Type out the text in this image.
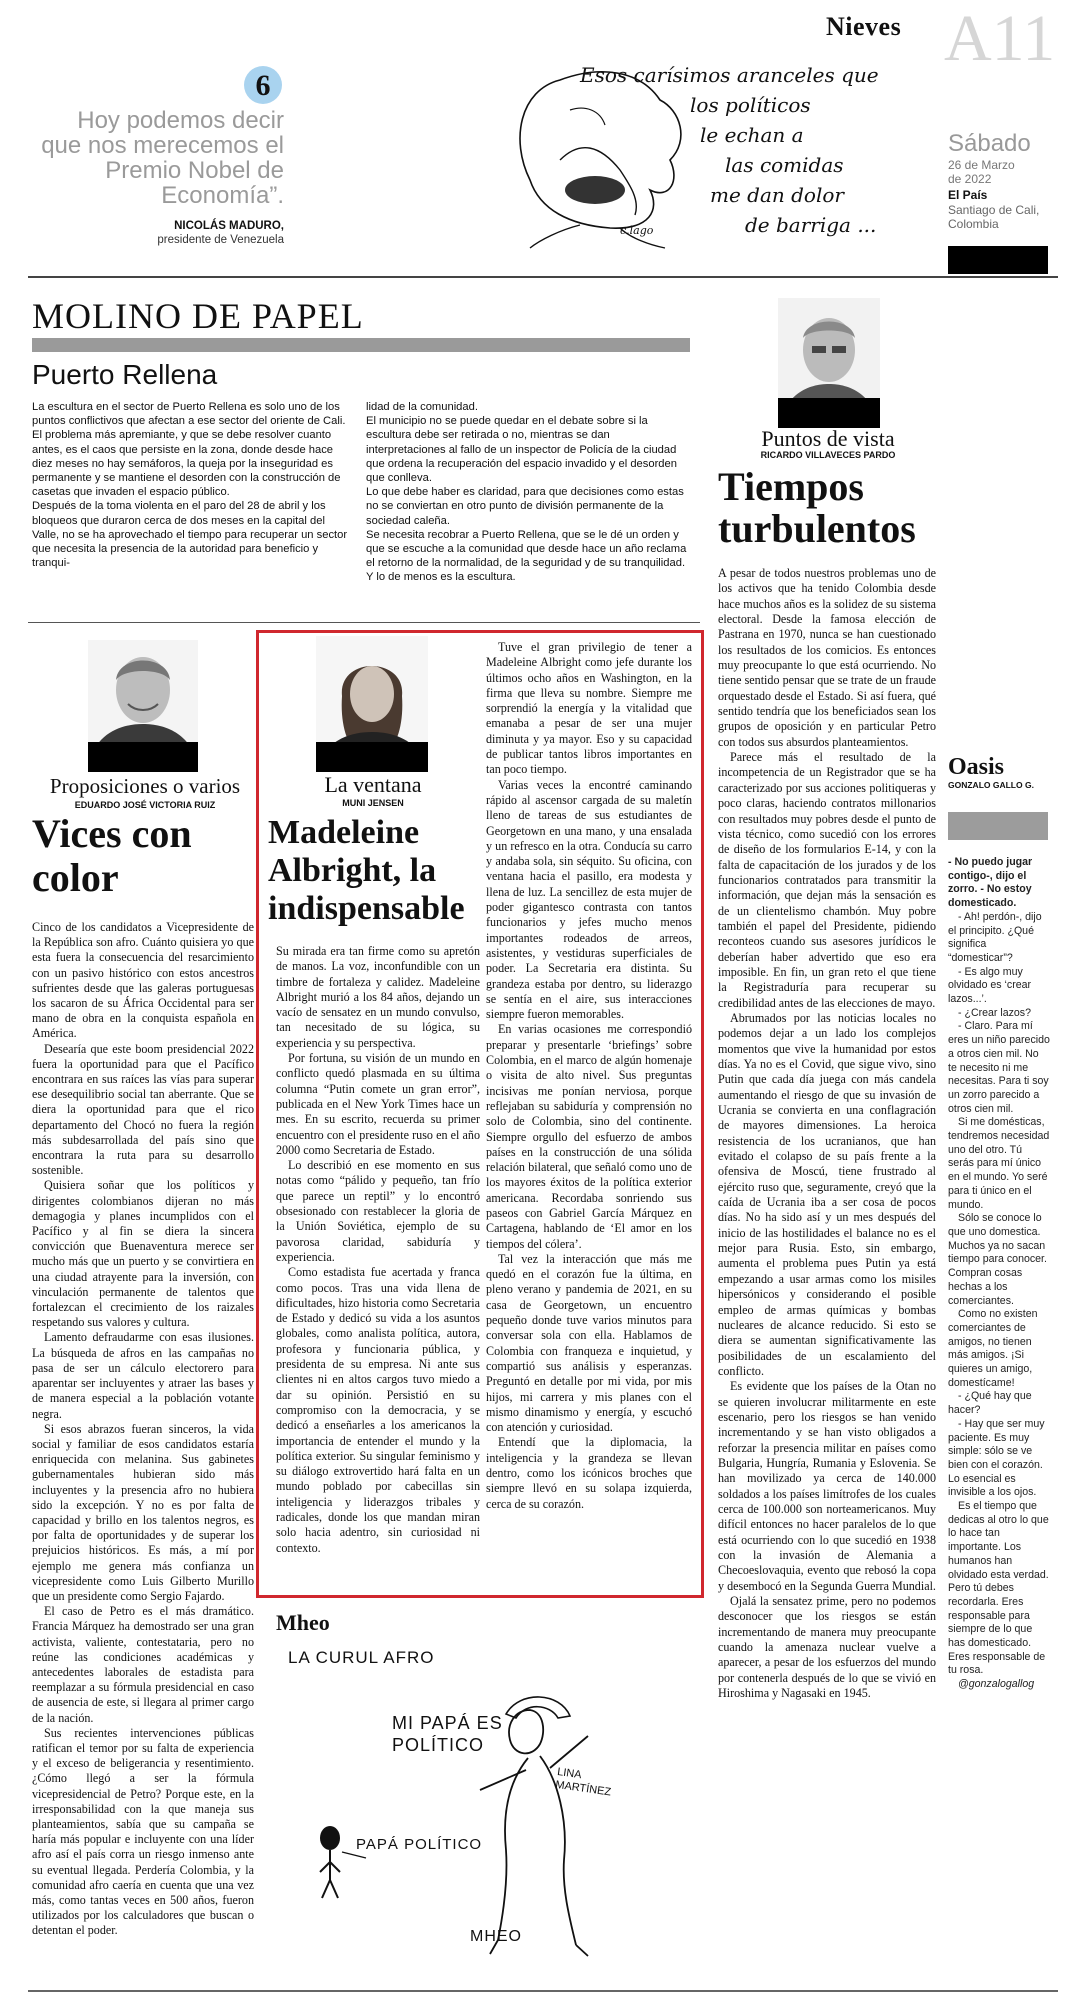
Nieves A11
Sábado
26 de Marzo
de 2022
El País
Santiago de Cali,
Colombia
6
Hoy podemos decir que nos merecemos el Premio Nobel de Economía”.
NICOLÁS MADURO,
presidente de Venezuela
Esos carísimos aranceles que
los políticos
le echan a
las comidas
me dan dolor
de barriga ...
c.lago
MOLINO DE PAPEL
Puerto Rellena

La escultura en el sector de Puerto Rellena es solo uno de los puntos conflictivos que afectan a ese sector del oriente de Cali.

El problema más apremiante, y que se debe resolver cuanto antes, es el caos que persiste en la zona, donde desde hace diez meses no hay semáforos, la queja por la inseguridad es permanente y se mantiene el desorden con la construcción de casetas que invaden el espacio público.

Después de la toma violenta en el paro del 28 de abril y los bloqueos que duraron cerca de dos meses en la capital del Valle, no se ha aprovechado el tiempo para recuperar un sector que necesita la presencia de la autoridad para beneficio y tranqui-

lidad de la comunidad.

El municipio no se puede quedar en el debate sobre si la escultura debe ser retirada o no, mientras se dan interpretaciones al fallo de un inspector de Policía de la ciudad que ordena la recuperación del espacio invadido y el desorden que conlleva.

Lo que debe haber es claridad, para que decisiones como estas no se conviertan en otro punto de división permanente de la sociedad caleña.

Se necesita recobrar a Puerto Rellena, que se le dé un orden y que se escuche a la comunidad que desde hace un año reclama el retorno de la normalidad, de la seguridad y de su tranquilidad.

Y lo de menos es la escultura.

Puntos de vista
RICARDO VILLAVECES PARDO
Tiempos turbulentos

A pesar de todos nuestros problemas uno de los activos que ha tenido Colombia desde hace muchos años es la solidez de su sistema electoral. Desde la famosa elección de Pastrana en 1970, nunca se han cuestionado los resultados de los comicios. Es entonces muy preocupante lo que está ocurriendo. No tiene sentido pensar que se trate de un fraude orquestado desde el Estado. Si así fuera, qué sentido tendría que los beneficiados sean los grupos de oposición y en particular Petro con todos sus absurdos planteamientos.

Parece más el resultado de la incompetencia de un Registrador que se ha caracterizado por sus acciones politiqueras y poco claras, haciendo contratos millonarios con resultados muy pobres desde el punto de vista técnico, como sucedió con los errores de diseño de los formularios E-14, y con la falta de capacitación de los jurados y de los funcionarios contratados para transmitir la información, que dejan más la sensación es de un clientelismo chambón. Muy pobre también el papel del Presidente, pidiendo reconteos cuando sus asesores jurídicos le deberían haber advertido que eso era imposible. En fin, un gran reto el que tiene la Registraduría para recuperar su credibilidad antes de las elecciones de mayo.

Abrumados por las noticias locales no podemos dejar a un lado los complejos momentos que vive la humanidad por estos días. Ya no es el Covid, que sigue vivo, sino Putin que cada día juega con más candela aumentando el riesgo de que su invasión de Ucrania se convierta en una conflagración de mayores dimensiones. La heroica resistencia de los ucranianos, que han evitado el colapso de su país frente a la ofensiva de Moscú, tiene frustrado al ejército ruso que, seguramente, creyó que la caída de Ucrania iba a ser cosa de pocos días. No ha sido así y un mes después del inicio de las hostilidades el balance no es el mejor para Rusia. Esto, sin embargo, aumenta el problema pues Putin ya está empezando a usar armas como los misiles hipersónicos y considerando el posible empleo de armas químicas y bombas nucleares de alcance reducido. Si esto se diera se aumentan significativamente las posibilidades de un escalamiento del conflicto.

Es evidente que los países de la Otan no se quieren involucrar militarmente en este escenario, pero los riesgos se han venido incrementando y se han visto obligados a reforzar la presencia militar en países como Bulgaria, Hungría, Rumania y Eslovenia. Se han movilizado ya cerca de 140.000 soldados a los países limítrofes de los cuales cerca de 100.000 son norteamericanos. Muy difícil entonces no hacer paralelos de lo que está ocurriendo con lo que sucedió en 1938 con la invasión de Alemania a Checoeslovaquia, evento que rebosó la copa y desembocó en la Segunda Guerra Mundial.

Ojalá la sensatez prime, pero no podemos desconocer que los riesgos se están incrementando de manera muy preocupante cuando la amenaza nuclear vuelve a aparecer, a pesar de los esfuerzos del mundo por contenerla después de lo que se vivió en Hiroshima y Nagasaki en 1945.

Proposiciones o varios
EDUARDO JOSÉ VICTORIA RUIZ
Vices con color

Cinco de los candidatos a Vicepresidente de la República son afro. Cuánto quisiera yo que esta fuera la consecuencia del resarcimiento con un pasivo histórico con estos ancestros sufrientes desde que las galeras portuguesas los sacaron de su África Occidental para ser mano de obra en la conquista española en América.

Desearía que este boom presidencial 2022 fuera la oportunidad para que el Pacífico encontrara en sus raíces las vías para superar ese desequilibrio social tan aberrante. Que se diera la oportunidad para que el rico departamento del Chocó no fuera la región más subdesarrollada del país sino que encontrara la ruta para su desarrollo sostenible.

Quisiera soñar que los políticos y dirigentes colombianos dijeran no más demagogia y planes incumplidos con el Pacífico y al fin se diera la sincera convicción que Buenaventura merece ser mucho más que un puerto y se convirtiera en una ciudad atrayente para la inversión, con vinculación permanente de talentos que fortalezcan el crecimiento de los raizales respetando sus valores y cultura.

Lamento defraudarme con esas ilusiones. La búsqueda de afros en las campañas no pasa de ser un cálculo electorero para aparentar ser incluyentes y atraer las bases y de manera especial a la población votante negra.

Si esos abrazos fueran sinceros, la vida social y familiar de esos candidatos estaría enriquecida con melanina. Sus gabinetes gubernamentales hubieran sido más incluyentes y la presencia afro no hubiera sido la excepción. Y no es por falta de capacidad y brillo en los talentos negros, es por falta de oportunidades y de superar los prejuicios históricos. Es más, a mí por ejemplo me genera más confianza un vicepresidente como Luis Gilberto Murillo que un presidente como Sergio Fajardo.

El caso de Petro es el más dramático. Francia Márquez ha demostrado ser una gran activista, valiente, contestataria, pero no reúne las condiciones académicas y antecedentes laborales de estadista para reemplazar a su fórmula presidencial en caso de ausencia de este, si llegara al primer cargo de la nación.

Sus recientes intervenciones públicas ratifican el temor por su falta de experiencia y el exceso de beligerancia y resentimiento. ¿Cómo llegó a ser la fórmula vicepresidencial de Petro? Porque este, en la irresponsabilidad con la que maneja sus planteamientos, sabía que su campaña se haría más popular e incluyente con una líder afro así el país corra un riesgo inmenso ante su eventual llegada. Perdería Colombia, y la comunidad afro caería en cuenta que una vez más, como tantas veces en 500 años, fueron utilizados por los calculadores que buscan o detentan el poder.

La ventana
MUNI JENSEN
Madeleine Albright, la indispensable

Su mirada era tan firme como su apretón de manos. La voz, inconfundible con un timbre de fortaleza y calidez. Madeleine Albright murió a los 84 años, dejando un vacío de sensatez en un mundo convulso, tan necesitado de su lógica, su experiencia y su perspectiva.

Por fortuna, su visión de un mundo en conflicto quedó plasmada en su última columna “Putin comete un gran error”, publicada en el New York Times hace un mes. En su escrito, recuerda su primer encuentro con el presidente ruso en el año 2000 como Secretaria de Estado.

Lo describió en ese momento en sus notas como “pálido y pequeño, tan frío que parece un reptil” y lo encontró obsesionado con restablecer la gloria de la Unión Soviética, ejemplo de su pavorosa claridad, sabiduría y experiencia.

Como estadista fue acertada y franca como pocos. Tras una vida llena de dificultades, hizo historia como Secretaria de Estado y dedicó su vida a los asuntos globales, como analista política, autora, profesora y funcionaria pública, y presidenta de su empresa. Ni ante sus clientes ni en altos cargos tuvo miedo a dar su opinión. Persistió en su compromiso con la democracia, y se dedicó a enseñarles a los americanos la importancia de entender el mundo y la política exterior. Su singular feminismo y su diálogo extrovertido hará falta en un mundo poblado por cabecillas sin inteligencia y liderazgos tribales y radicales, donde los que mandan miran solo hacia adentro, sin curiosidad ni contexto.

Tuve el gran privilegio de tener a Madeleine Albright como jefe durante los últimos ocho años en Washington, en la firma que lleva su nombre. Siempre me sorprendió la energía y la vitalidad que emanaba a pesar de ser una mujer diminuta y ya mayor. Eso y su capacidad de publicar tantos libros importantes en tan poco tiempo.

Varias veces la encontré caminando rápido al ascensor cargada de su maletín lleno de tareas de sus estudiantes de Georgetown en una mano, y una ensalada y un refresco en la otra. Conducía su carro y andaba sola, sin séquito. Su oficina, con ventana hacia el pasillo, era modesta y llena de luz. La sencillez de esta mujer de poder gigantesco contrasta con tantos funcionarios y jefes mucho menos importantes rodeados de arreos, asistentes, y vestiduras superficiales de poder. La Secretaria era distinta. Su grandeza estaba por dentro, su liderazgo se sentía en el aire, sus interacciones siempre fueron memorables.

En varias ocasiones me correspondió preparar y presentarle ‘briefings’ sobre Colombia, en el marco de algún homenaje o visita de alto nivel. Sus preguntas incisivas me ponían nerviosa, porque reflejaban su sabiduría y comprensión no solo de Colombia, sino del continente. Siempre orgullo del esfuerzo de ambos países en la construcción de una sólida relación bilateral, que señaló como uno de los mayores éxitos de la política exterior americana. Recordaba sonriendo sus paseos con Gabriel García Márquez en Cartagena, hablando de ‘El amor en los tiempos del cólera’.

Tal vez la interacción que más me quedó en el corazón fue la última, en pleno verano y pandemia de 2021, en su casa de Georgetown, un encuentro pequeño donde tuve varios minutos para conversar sola con ella. Hablamos de Colombia con franqueza e inquietud, y compartió sus análisis y esperanzas. Preguntó en detalle por mi vida, por mis hijos, mi carrera y mis planes con el mismo dinamismo y energía, y escuchó con atención y curiosidad.

Entendí que la diplomacia, la inteligencia y la grandeza se llevan dentro, como los icónicos broches que siempre llevó en su solapa izquierda, cerca de su corazón.

Mheo
LA CURUL AFRO
MI PAPÁ ES POLÍTICO
PAPÁ POLÍTICO
LINA MARTÍNEZ
MHEO
Oasis
GONZALO GALLO G.

- No puedo jugar contigo-, dijo el zorro. - No estoy domesticado.

- Ah! perdón-, dijo el principito. ¿Qué significa “domesticar”?

- Es algo muy olvidado es ‘crear lazos...’.

- ¿Crear lazos?

- Claro. Para mí eres un niño parecido a otros cien mil. No te necesito ni me necesitas. Para ti soy un zorro parecido a otros cien mil.

Si me domésticas, tendremos necesidad uno del otro. Tú serás para mí único en el mundo. Yo seré para ti único en el mundo.

Sólo se conoce lo que uno domestica. Muchos ya no sacan tiempo para conocer. Compran cosas hechas a los comerciantes.

Como no existen comerciantes de amigos, no tienen más amigos. ¡Si quieres un amigo, domestícame!

- ¿Qué hay que hacer?

- Hay que ser muy paciente. Es muy simple: sólo se ve bien con el corazón. Lo esencial es invisible a los ojos.

Es el tiempo que dedicas al otro lo que lo hace tan importante. Los humanos han olvidado esta verdad. Pero tú debes recordarla. Eres responsable para siempre de lo que has domesticado. Eres responsable de tu rosa.

@gonzalogallog
